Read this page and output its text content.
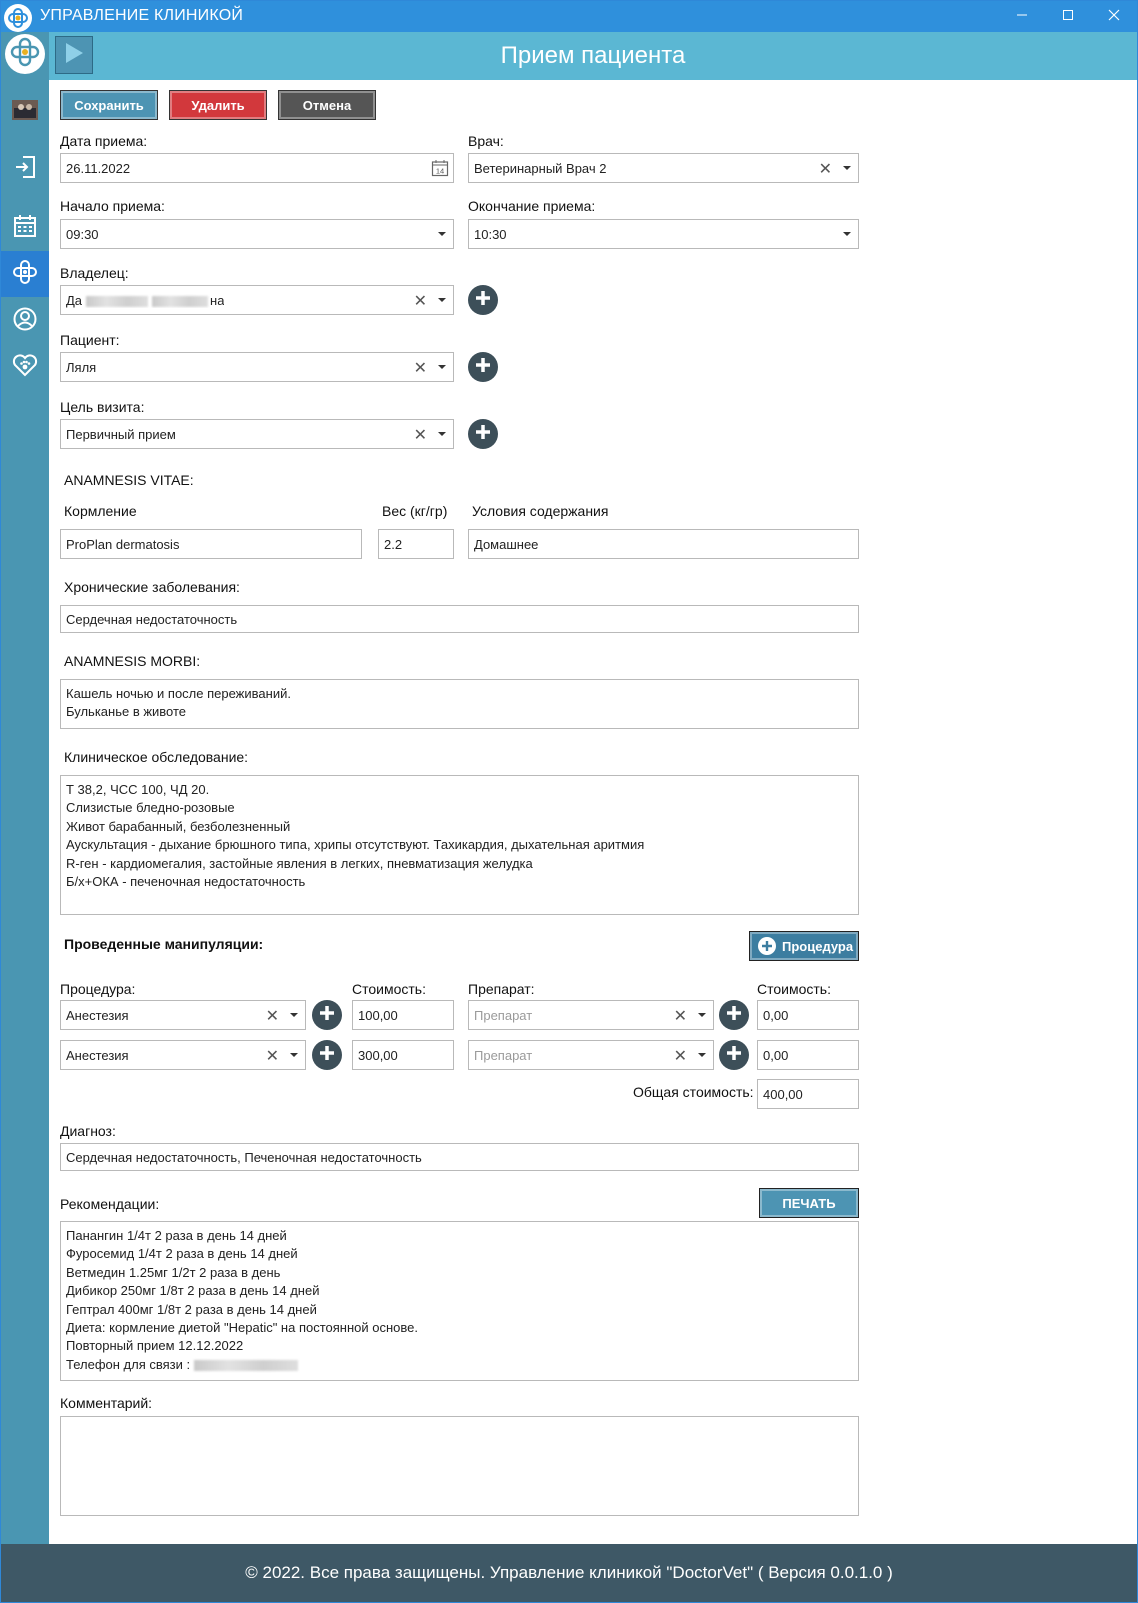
УПРАВЛЕНИЕ КЛИНИКОЙ
Прием пациента
Сохранить	Удалить	Отмена
Дата приема:
26.11.2022	14
Врач:
Ветеринарный Врач 2	✕
Начало приема:
09:30
Окончание приема:
10:30
Владелец:
Да	на	✕
Пациент:
Ляля	✕
Цель визита:
Первичный прием	✕
ANAMNESIS VITAE:
Кормление	Вес (кг/гр) Условия содержания
ProPlan dermatosis	2.2	Домашнее
Хронические заболевания:
Сердечная недостаточность
ANAMNESIS MORBI:
Кашель ночью и после переживаний.
Бульканье в животе
Клиническое обследование:
Т 38,2, ЧСС 100, ЧД 20.
Слизистые бледно-розовые
Живот барабанный, безболезненный
Аускультация - дыхание брюшного типа, хрипы отсутствуют. Тахикардия, дыхательная аритмия
R-ген - кардиомегалия, застойные явления в легких, пневматизация желудка
Б/х+ОКА - печеночная недостаточность
Проведенные манипуляции:	Процедура
Процедура:	Стоимость:	Препарат:	Стоимость:
Анестезия	✕	100,00	Препарат	✕	0,00
Анестезия	✕	300,00	Препарат	✕	0,00
Общая стоимость: 400,00
Диагноз:
Сердечная недостаточность, Печеночная недостаточность
Рекомендации:	ПЕЧАТЬ
Панангин 1/4т 2 раза в день 14 дней
Фуросемид 1/4т 2 раза в день 14 дней
Ветмедин 1.25мг 1/2т 2 раза в день
Дибикор 250мг 1/8т 2 раза в день 14 дней
Гептрал 400мг 1/8т 2 раза в день 14 дней
Диета: кормление диетой "Hepatic" на постоянной основе.
Повторный прием 12.12.2022
Телефон для связи :
Комментарий:
© 2022. Все права защищены. Управление клиникой "DoctorVet" ( Версия 0.0.1.0 )
